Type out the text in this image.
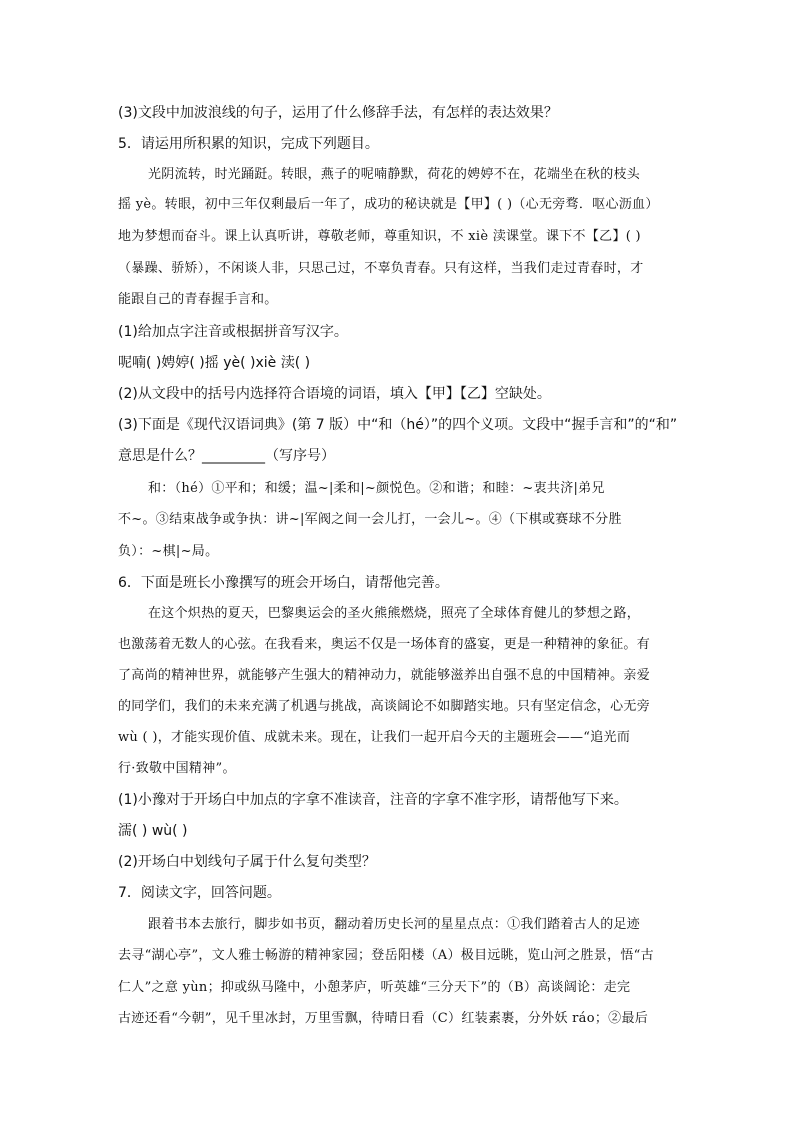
(3)文段中加波浪线的句子，运用了什么修辞手法，有怎样的表达效果？
5．请运用所积累的知识，完成下列题目。
光阴流转，时光踊跹。转眼，燕子的呢喃静默，荷花的娉婷不在，花端坐在秋的枝头
摇 yè。转眼，初中三年仅剩最后一年了，成功的秘诀就是【甲】( )（心无旁骛．呕心沥血）
地为梦想而奋斗。课上认真听讲，尊敬老师，尊重知识，不 xiè 渎课堂。课下不【乙】( )
（暴躁、骄矫），不闲谈人非，只思己过，不辜负青春。只有这样，当我们走过青春时，才
能跟自己的青春握手言和。
(1)给加点字注音或根据拼音写汉字。
呢喃( )娉婷( )摇 yè( )xiè 渎( )
(2)从文段中的括号内选择符合语境的词语，填入【甲】【乙】空缺处。
(3)下面是《现代汉语词典》(第 7 版）中“和（hé）”的四个义项。文段中“握手言和”的“和”
意思是什么？_________（写序号）
和：（hé）①平和；和缓；温~|柔和|~颜悦色。②和谐；和睦：~衷共济|弟兄
不~。③结束战争或争执：讲~|军阀之间一会儿打，一会儿~。④（下棋或赛球不分胜
负）：~棋|~局。
6．下面是班长小豫撰写的班会开场白，请帮他完善。
在这个炽热的夏天，巴黎奥运会的圣火熊熊燃烧，照亮了全球体育健儿的梦想之路，
也激荡着无数人的心弦。在我看来，奥运不仅是一场体育的盛宴，更是一种精神的象征。有
了高尚的精神世界，就能够产生强大的精神动力，就能够滋养出自强不息的中国精神。亲爱
的同学们，我们的未来充满了机遇与挑战，高谈阔论不如脚踏实地。只有坚定信念，心无旁
wù ( )，才能实现价值、成就未来。现在，让我们一起开启今天的主题班会——“追光而
行·致敬中国精神”。
(1)小豫对于开场白中加点的字拿不准读音，注音的字拿不准字形，请帮他写下来。
濡( ) wù( )
(2)开场白中划线句子属于什么复句类型？
7．阅读文字，回答问题。
跟着书本去旅行，脚步如书页，翻动着历史长河的星星点点：①我们踏着古人的足迹
去寻“湖心亭”，文人雅士畅游的精神家园；登岳阳楼（A）极目远眺，览山河之胜景，悟“古
仁人”之意 yùn；抑或纵马隆中，小憩茅庐，听英雄“三分天下”的（B）高谈阔论：走完
古迹还看“今朝”，见千里冰封，万里雪飘，待晴日看（C）红装素裹，分外妖 ráo；②最后
